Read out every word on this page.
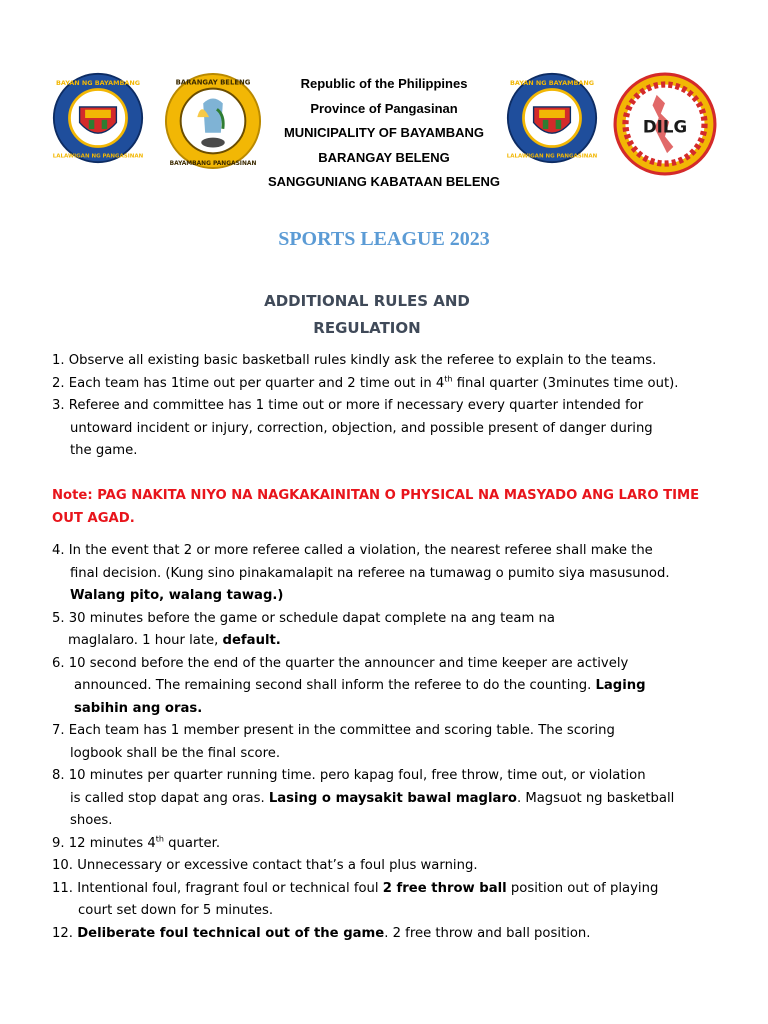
BAYAN NG BAYAMBANG
LALAWIGAN NG PANGASINAN
BARANGAY BELENG
BAYAMBANG PANGASINAN
BAYAN NG BAYAMBANG
LALAWIGAN NG PANGASINAN
DILG
Republic of the Philippines
Province of Pangasinan
MUNICIPALITY OF BAYAMBANG
BARANGAY BELENG
SANGGUNIANG KABATAAN BELENG
SPORTS LEAGUE 2023
ADDITIONAL RULES AND
REGULATION
1. Observe all existing basic basketball rules kindly ask the referee to explain to the teams.
2. Each team has 1time out per quarter and 2 time out in 4th final quarter (3minutes time out).
3. Referee and committee has 1 time out or more if necessary every quarter intended for
untoward incident or injury, correction, objection, and possible present of danger during
the game.
Note: PAG NAKITA NIYO NA NAGKAKAINITAN O PHYSICAL NA MASYADO ANG LARO TIME
OUT AGAD.
4. In the event that 2 or more referee called a violation, the nearest referee shall make the
final decision. (Kung sino pinakamalapit na referee na tumawag o pumito siya masusunod.
Walang pito, walang tawag.)
5. 30 minutes before the game or schedule dapat complete na ang team na
maglalaro. 1 hour late, default.
6. 10 second before the end of the quarter the announcer and time keeper are actively
announced. The remaining second shall inform the referee to do the counting. Laging
sabihin ang oras.
7. Each team has 1 member present in the committee and scoring table. The scoring
logbook shall be the final score.
8. 10 minutes per quarter running time. pero kapag foul, free throw, time out, or violation
is called stop dapat ang oras. Lasing o maysakit bawal maglaro. Magsuot ng basketball
shoes.
9. 12 minutes 4th quarter.
10. Unnecessary or excessive contact that’s a foul plus warning.
11. Intentional foul, fragrant foul or technical foul 2 free throw ball position out of playing
court set down for 5 minutes.
12. Deliberate foul technical out of the game. 2 free throw and ball position.
